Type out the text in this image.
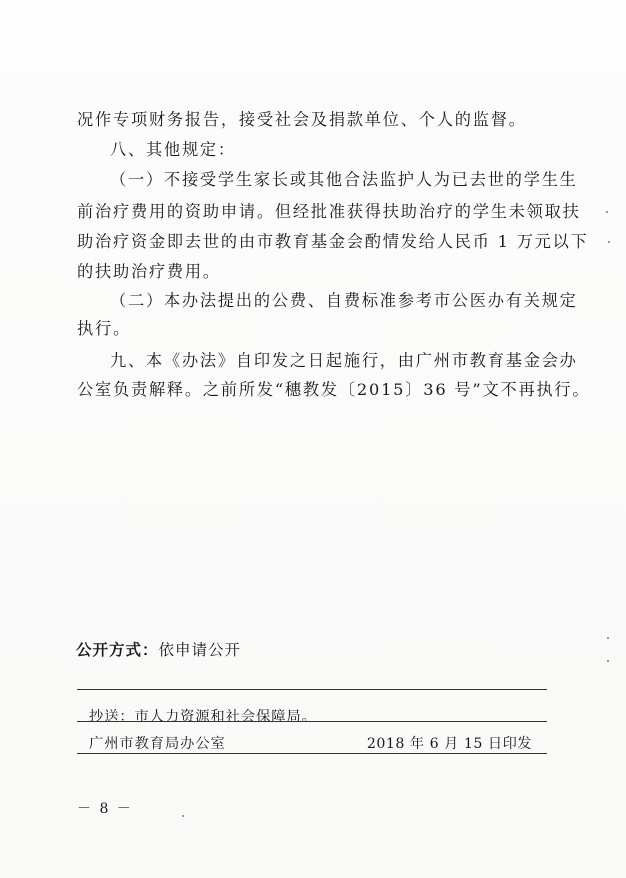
况作专项财务报告，接受社会及捐款单位、个人的监督。
八、其他规定：
（一）不接受学生家长或其他合法监护人为已去世的学生生
前治疗费用的资助申请。但经批准获得扶助治疗的学生未领取扶
助治疗资金即去世的由市教育基金会酌情发给人民币 1 万元以下
的扶助治疗费用。
（二）本办法提出的公费、自费标准参考市公医办有关规定
执行。
九、本《办法》自印发之日起施行，由广州市教育基金会办
公室负责解释。之前所发“穗教发〔2015〕36 号”文不再执行。
公开方式：依申请公开
抄送：市人力资源和社会保障局。
广州市教育局办公室	2018 年 6 月 15 日印发
－ 8 －
